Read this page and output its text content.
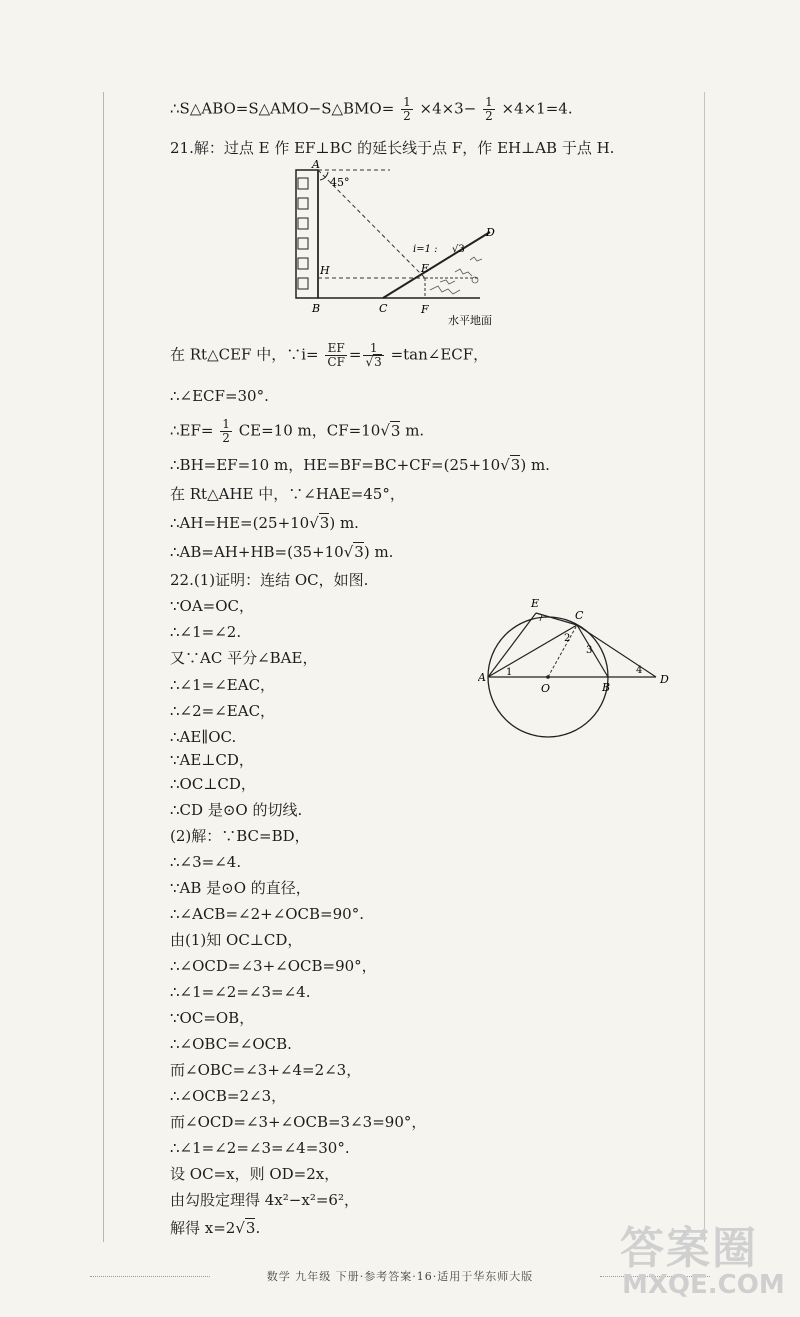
∴S△ABO=S△AMO−S△BMO= $\frac{1}{2} \times 4\times 3- \frac{1}{2} \times 4\times 1=4$.
21.解：过点 E 作 EF⊥BC 的延长线于点 F，作 EH⊥AB 于点 H.
A
45°
H
B	C	F
E
D
i=1 : √3
水平地面
在 Rt△CEF 中，∵i= $\frac{EF}{CF} = \frac{1}{√3}$ =tan∠ECF，
∴∠ECF=30°.
∴EF= $\frac{1}{2} CE=10$ m，CF=10√3 m.
∴BH=EF=10 m，HE=BF=BC+CF=(25+10√3) m.
在 Rt△AHE 中，∵∠HAE=45°，
∴AH=HE=(25+10√3) m.
∴AB=AH+HB=(35+10√3) m.
22.(1)证明：连结 OC，如图.
∵OA=OC，
∴∠1=∠2.
又∵AC 平分∠BAE，
∴∠1=∠EAC，
∴∠2=∠EAC，
∴AE∥OC.
∵AE⊥CD，
∴OC⊥CD，
∴CD 是⊙O 的切线.
(2)解：∵BC=BD，
∴∠3=∠4.
∵AB 是⊙O 的直径，
∴∠ACB=∠2+∠OCB=90°.
由(1)知 OC⊥CD，
∴∠OCD=∠3+∠OCB=90°，
∴∠1=∠2=∠3=∠4.
∵OC=OB，
∴∠OBC=∠OCB.
而∠OBC=∠3+∠4=2∠3，
∴∠OCB=2∠3，
而∠OCD=∠3+∠OCB=3∠3=90°，
∴∠1=∠2=∠3=∠4=30°.
设 OC=x，则 OD=2x，
由勾股定理得 4x²−x²=6²，
解得 x=2√3.
A
B
C
D
E
O
1
2
3
4
数学 九年级 下册·参考答案·16·适用于华东师大版
答案圈
MXQE.COM
